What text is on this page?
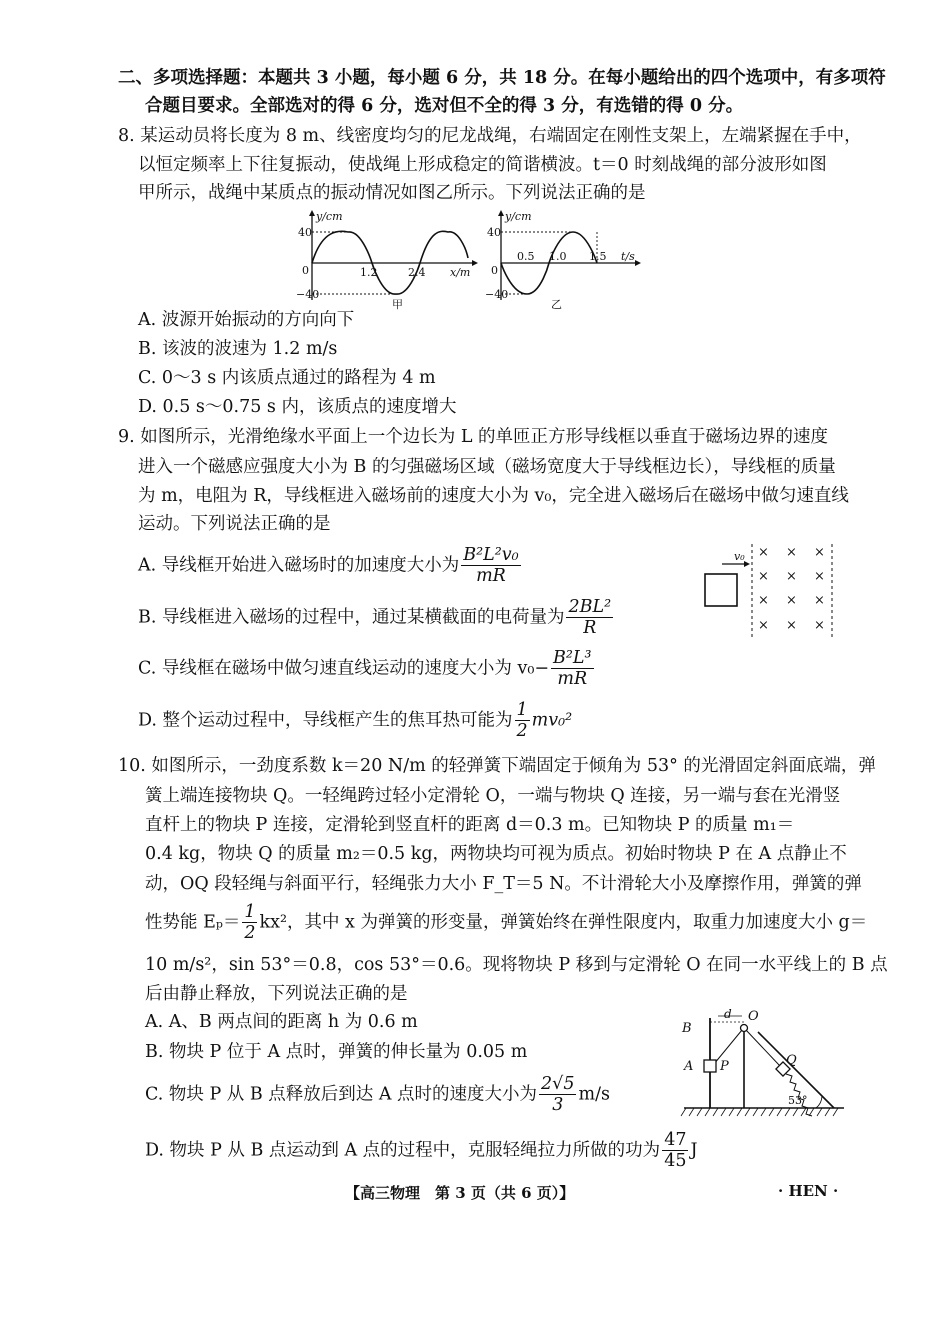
二、多项选择题：本题共 3 小题，每小题 6 分，共 18 分。在每小题给出的四个选项中，有多项符
合题目要求。全部选对的得 6 分，选对但不全的得 3 分，有选错的得 0 分。
8. 某运动员将长度为 8 m、线密度均匀的尼龙战绳，右端固定在刚性支架上，左端紧握在手中，
以恒定频率上下往复振动，使战绳上形成稳定的简谐横波。t＝0 时刻战绳的部分波形如图
甲所示，战绳中某质点的振动情况如图乙所示。下列说法正确的是
y/cm
40
−40
0	1.2	2.4 x/m
甲
y/cm
40
−40
0
0.5 1.0 1.5 t/s
乙
A. 波源开始振动的方向向下
B. 该波的波速为 1.2 m/s
C. 0～3 s 内该质点通过的路程为 4 m
D. 0.5 s～0.75 s 内，该质点的速度增大
9. 如图所示，光滑绝缘水平面上一个边长为 L 的单匝正方形导线框以垂直于磁场边界的速度
进入一个磁感应强度大小为 B 的匀强磁场区域（磁场宽度大于导线框边长），导线框的质量
为 m，电阻为 R，导线框进入磁场前的速度大小为 v₀，完全进入磁场后在磁场中做匀速直线
运动。下列说法正确的是
A. 导线框开始进入磁场时的加速度大小为 $\frac{\text{B²L²v₀}}{mR}$
B. 导线框进入磁场的过程中，通过某横截面的电荷量为 $\frac{\text{2BL²}}{R}$
C. 导线框在磁场中做匀速直线运动的速度大小为 $v_0- \frac{\text{B²L³}}{mR}$
D. 整个运动过程中，导线框产生的焦耳热可能为 $\frac{1}{2} mv_0^2$
v₀ × × ×
× × ×
× × ×
× × ×
10. 如图所示，一劲度系数 k＝20 N/m 的轻弹簧下端固定于倾角为 53° 的光滑固定斜面底端，弹
簧上端连接物块 Q。一轻绳跨过轻小定滑轮 O，一端与物块 Q 连接，另一端与套在光滑竖
直杆上的物块 P 连接，定滑轮到竖直杆的距离 d＝0.3 m。已知物块 P 的质量 m₁＝
0.4 kg，物块 Q 的质量 m₂＝0.5 kg，两物块均可视为质点。初始时物块 P 在 A 点静止不
动，OQ 段轻绳与斜面平行，轻绳张力大小 F_T＝5 N。不计滑轮大小及摩擦作用，弹簧的弹
性势能 $E_p= \frac{1}{2} kx^2$，其中 x 为弹簧的形变量，弹簧始终在弹性限度内，取重力加速度大小 g＝
10 m/s²，sin 53°＝0.8，cos 53°＝0.6。现将物块 P 移到与定滑轮 O 在同一水平线上的 B 点
后由静止释放，下列说法正确的是
A. A、B 两点间的距离 h 为 0.6 m
B. 物块 P 位于 A 点时，弹簧的伸长量为 0.05 m
C. 物块 P 从 B 点释放后到达 A 点时的速度大小为 $\frac{2√5}{3} m/s$
D. 物块 P 从 B 点运动到 A 点的过程中，克服轻绳拉力所做的功为 $\frac{47}{45}$ J
B
d O
A P	Q
53°
【高三物理　第 3 页（共 6 页）】	· HEN ·
